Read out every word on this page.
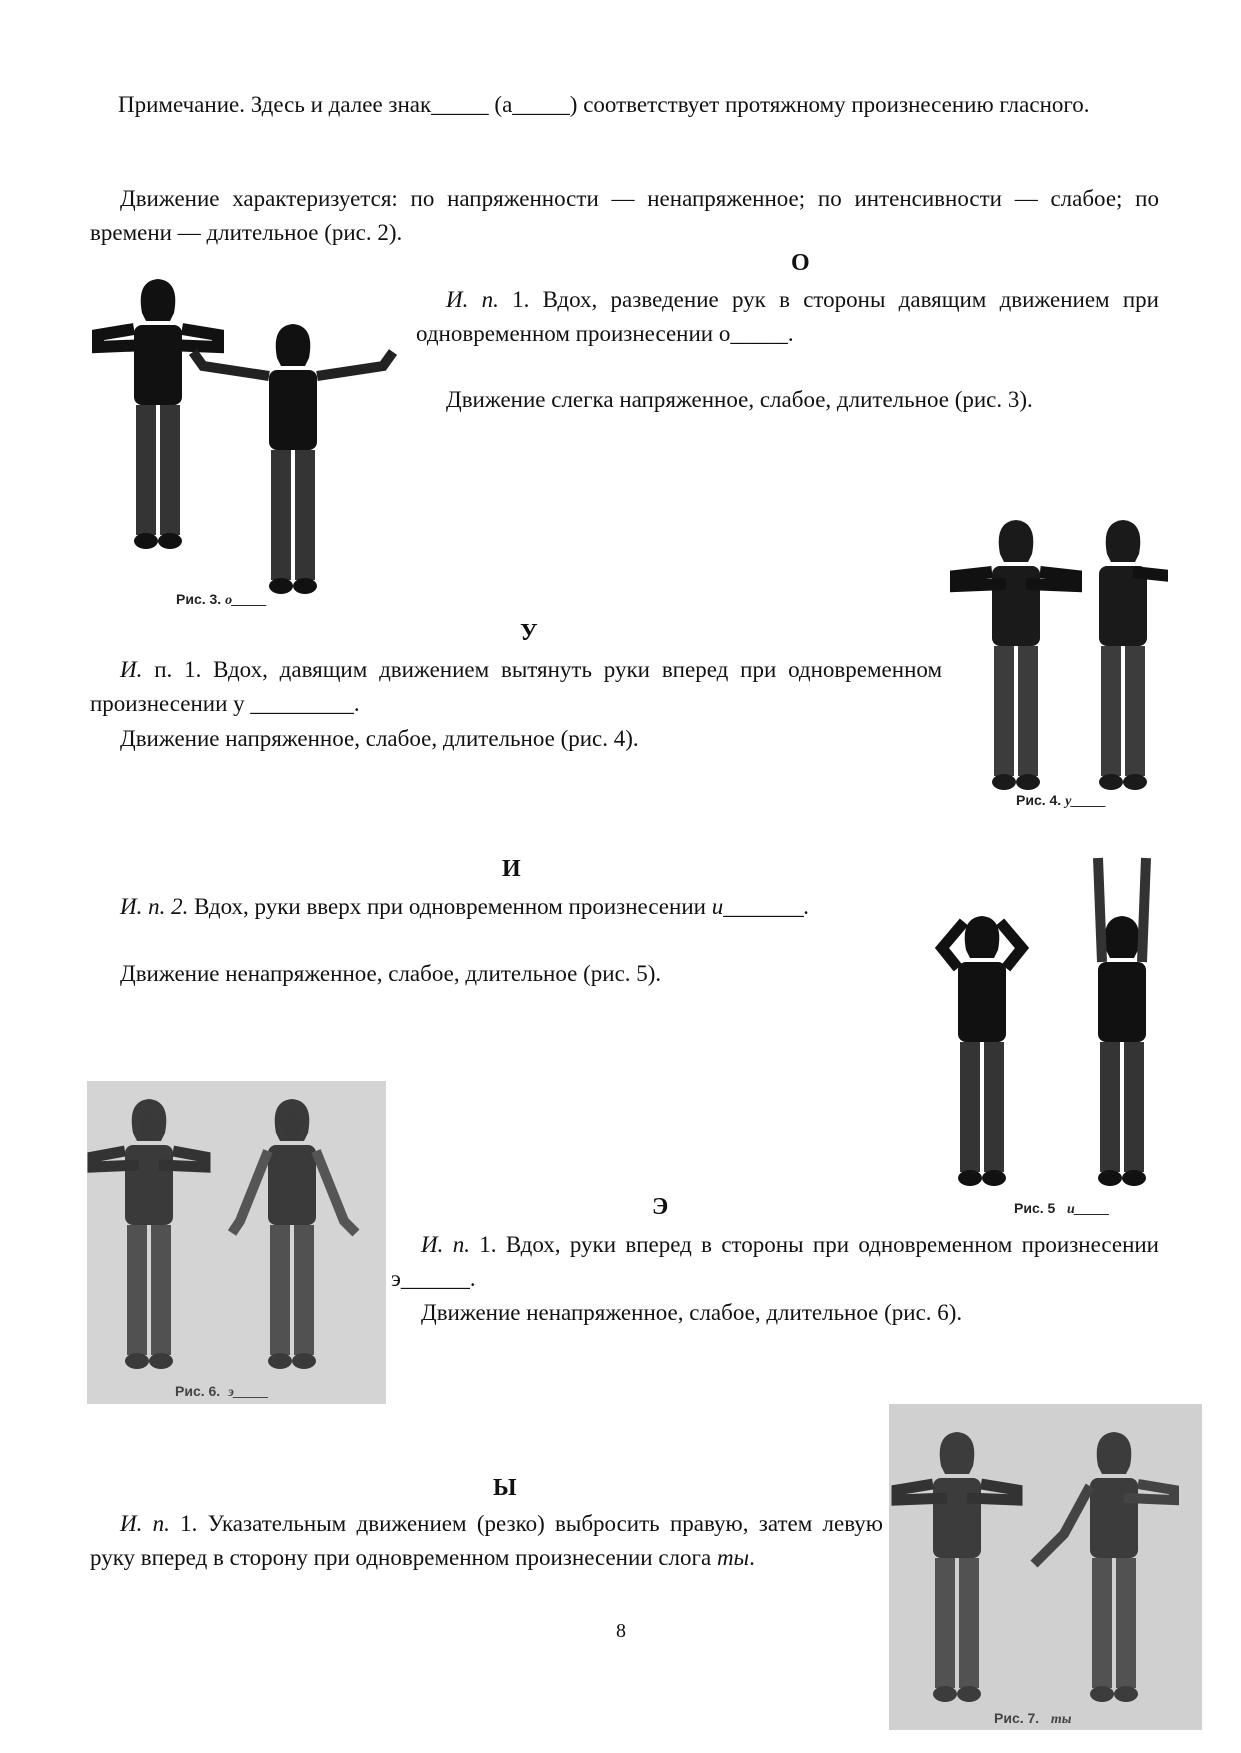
Примечание. Здесь и далее знак_____ (а_____) соответствует протяжному произнесению гласного.
Движение характеризуется: по напряженности — ненапряженное; по интенсивности — слабое; по времени — длительное (рис. 2).
О
И. п. 1. Вдох, разведение рук в стороны давящим движением при одновременном произнесении о_____.
Движение слегка напряженное, слабое, длительное (рис. 3).
Рис. 3. о_____
У
И. п. 1. Вдох, давящим движением вытянуть руки вперед при одновременном произнесении у _________.
Движение напряженное, слабое, длительное (рис. 4).
Рис. 4. у_____
И
И. п. 2. Вдох, руки вверх при одновременном произнесении и_______.
Движение ненапряженное, слабое, длительное (рис. 5).
Рис. 5 и_____
Рис. 6. э_____
Э
И. п. 1. Вдох, руки вперед в стороны при одновременном произнесении э______.
Движение ненапряженное, слабое, длительное (рис. 6).
Ы
И. п. 1. Указательным движением (резко) выбросить правую, затем левую руку вперед в сторону при одновременном произнесении слога ты.
Рис. 7. ты
8
